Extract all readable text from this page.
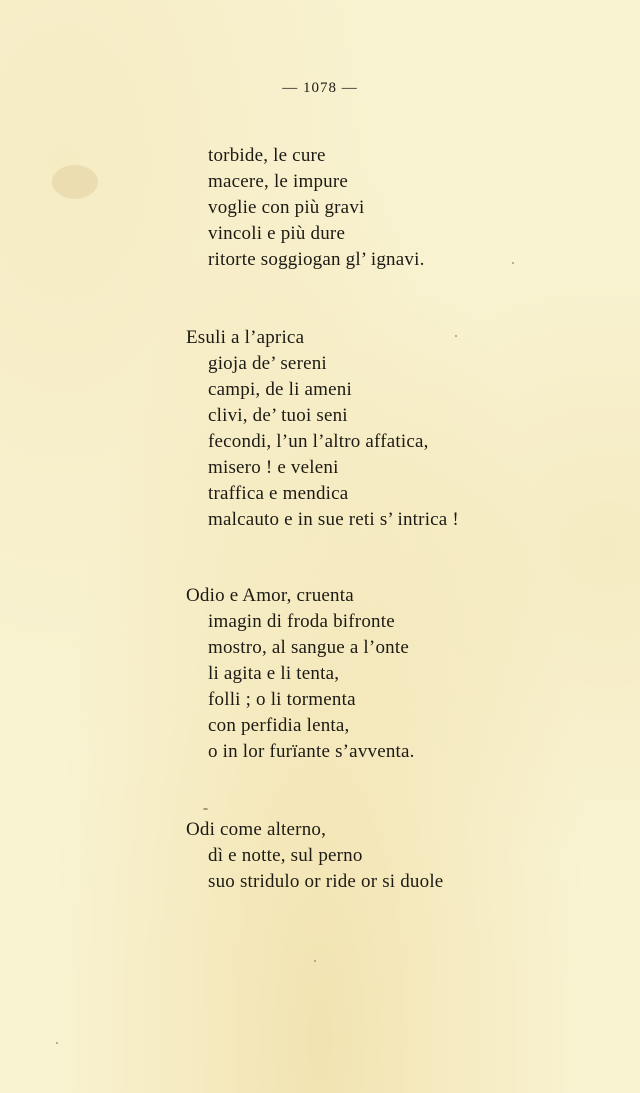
— 1078 —
torbide, le cure
macere, le impure
voglie con più gravi
vincoli e più dure
ritorte soggiogan gl’ ignavi.
Esuli a l’aprica
gioja de’ sereni
campi, de li ameni
clivi, de’ tuoi seni
fecondi, l’un l’altro affatica,
misero ! e veleni
traffica e mendica
malcauto e in sue reti s’ intrica !
Odio e Amor, cruenta
imagin di froda bifronte
mostro, al sangue a l’onte
li agita e li tenta,
folli ; o li tormenta
con perfidia lenta,
o in lor furïante s’avventa.
Odi come alterno,
dì e notte, sul perno
suo stridulo or ride or si duole
